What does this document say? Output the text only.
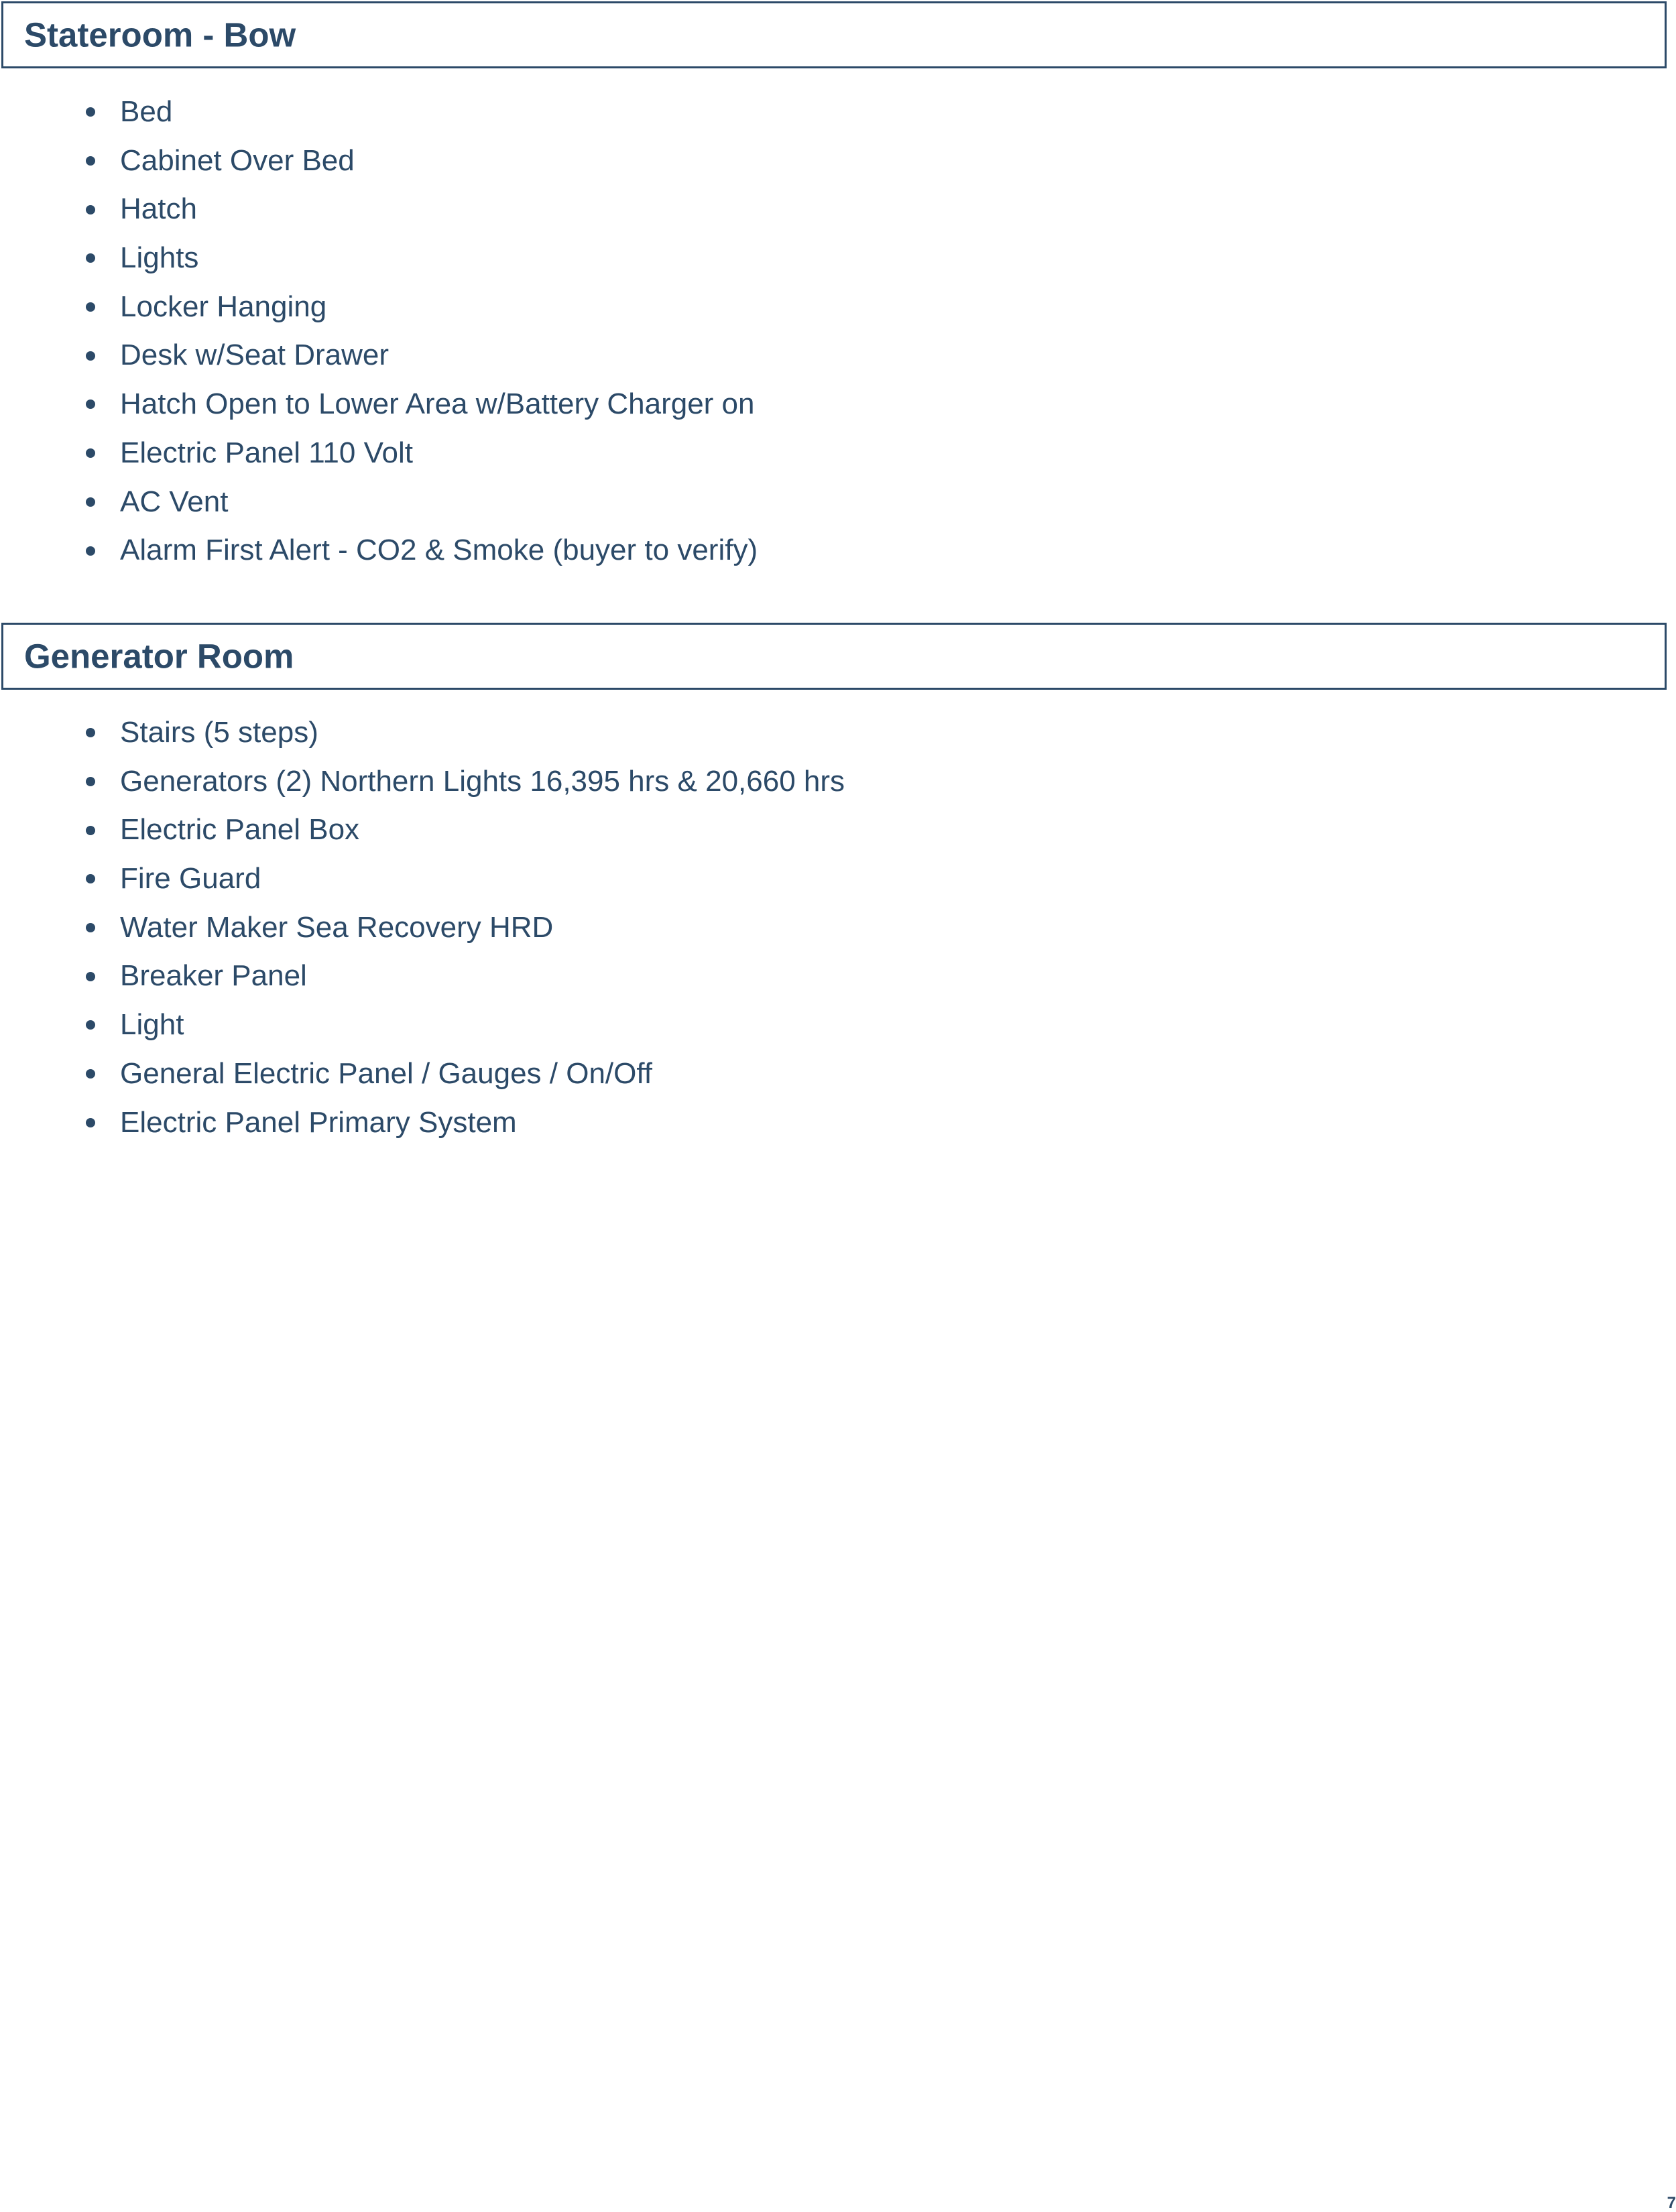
Stateroom - Bow
Bed
Cabinet Over Bed
Hatch
Lights
Locker Hanging
Desk w/Seat Drawer
Hatch Open to Lower Area w/Battery Charger on
Electric Panel 110 Volt
AC Vent
Alarm First Alert - CO2 & Smoke (buyer to verify)
Generator Room
Stairs (5 steps)
Generators (2) Northern Lights 16,395 hrs & 20,660 hrs
Electric Panel Box
Fire Guard
Water Maker Sea Recovery HRD
Breaker Panel
Light
General Electric Panel / Gauges / On/Off
Electric Panel Primary System
7
